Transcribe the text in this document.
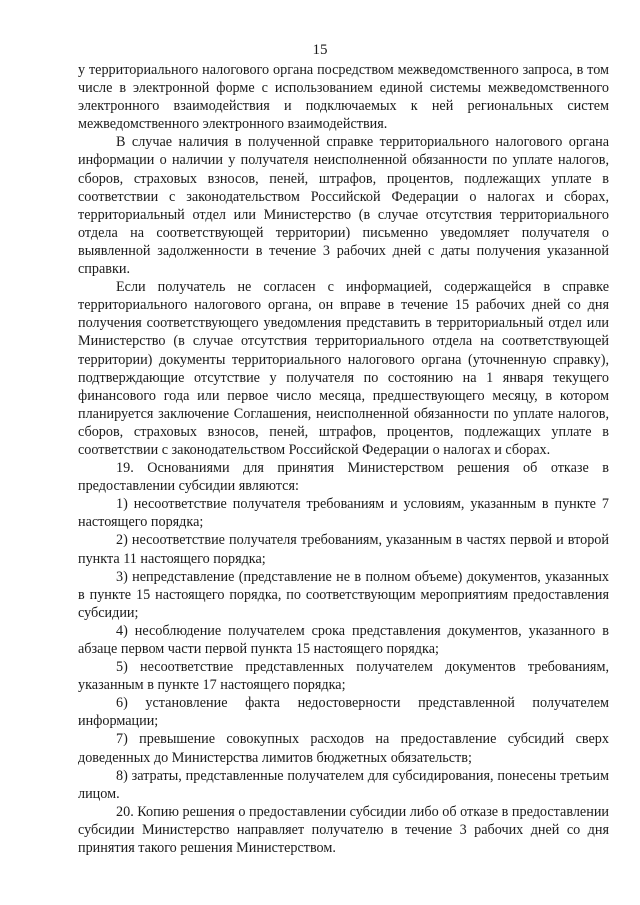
15

у территориального налогового органа посредством межведомственного запроса, в том числе в электронной форме с использованием единой системы межведомственного электронного взаимодействия и подключаемых к ней региональных систем межведомственного электронного взаимодействия.

В случае наличия в полученной справке территориального налогового органа информации о наличии у получателя неисполненной обязанности по уплате налогов, сборов, страховых взносов, пеней, штрафов, процентов, подлежащих уплате в соответствии с законодательством Российской Федерации о налогах и сборах, территориальный отдел или Министерство (в случае отсутствия территориального отдела на соответствующей территории) письменно уведомляет получателя о выявленной задолженности в течение 3 рабочих дней с даты получения указанной справки.

Если получатель не согласен с информацией, содержащейся в справке территориального налогового органа, он вправе в течение 15 рабочих дней со дня получения соответствующего уведомления представить в территориальный отдел или Министерство (в случае отсутствия территориального отдела на соответствующей территории) документы территориального налогового органа (уточненную справку), подтверждающие отсутствие у получателя по состоянию на 1 января текущего финансового года или первое число месяца, предшествующего месяцу, в котором планируется заключение Соглашения, неисполненной обязанности по уплате налогов, сборов, страховых взносов, пеней, штрафов, процентов, подлежащих уплате в соответствии с законодательством Российской Федерации о налогах и сборах.

19. Основаниями для принятия Министерством решения об отказе в предоставлении субсидии являются:

1) несоответствие получателя требованиям и условиям, указанным в пункте 7 настоящего порядка;

2) несоответствие получателя требованиям, указанным в частях первой и второй пункта 11 настоящего порядка;

3) непредставление (представление не в полном объеме) документов, указанных в пункте 15 настоящего порядка, по соответствующим мероприятиям предоставления субсидии;

4) несоблюдение получателем срока представления документов, указанного в абзаце первом части первой пункта 15 настоящего порядка;

5) несоответствие представленных получателем документов требованиям, указанным в пункте 17 настоящего порядка;

6) установление факта недостоверности представленной получателем информации;

7) превышение совокупных расходов на предоставление субсидий сверх доведенных до Министерства лимитов бюджетных обязательств;

8) затраты, представленные получателем для субсидирования, понесены третьим лицом.

20. Копию решения о предоставлении субсидии либо об отказе в предоставлении субсидии Министерство направляет получателю в течение 3 рабочих дней со дня принятия такого решения Министерством.
